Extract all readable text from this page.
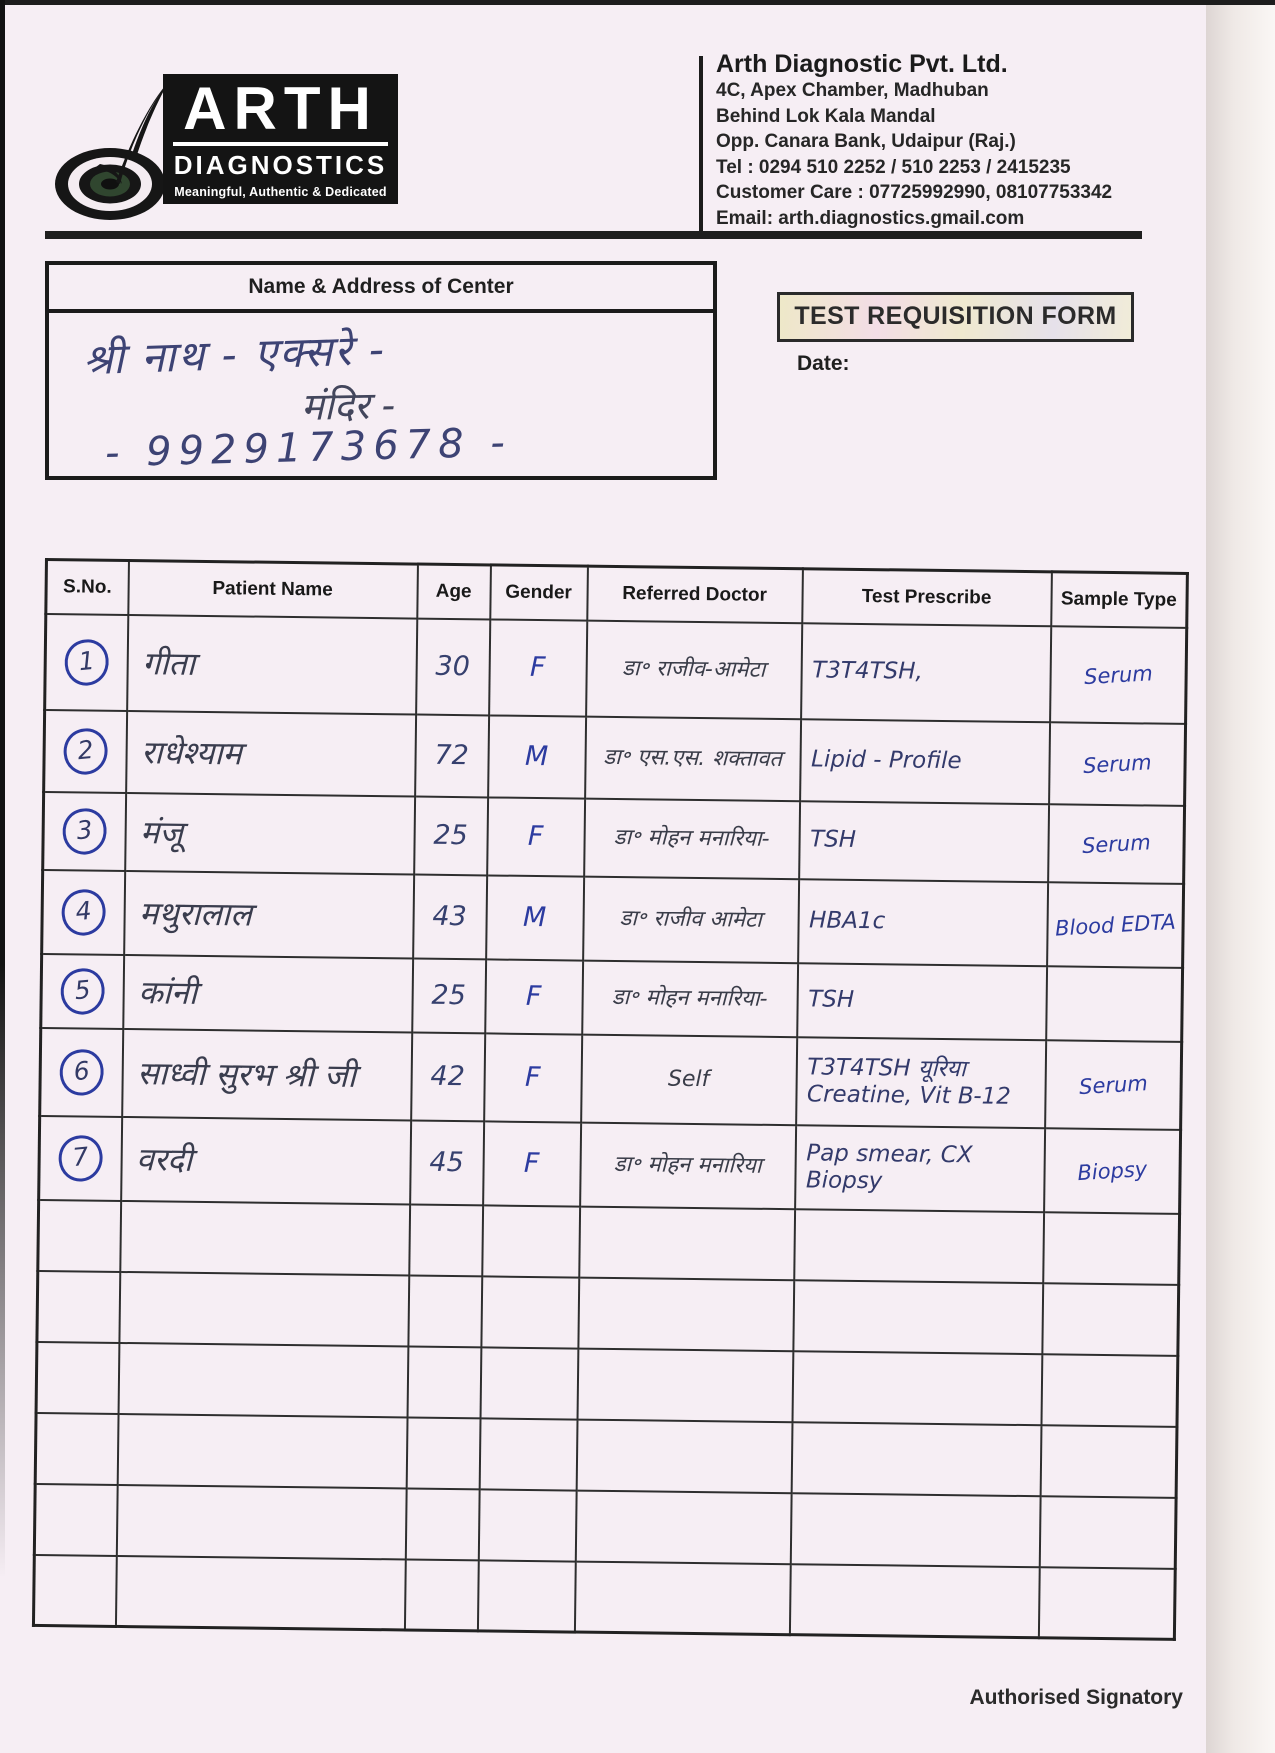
ARTH
DIAGNOSTICS
Meaningful, Authentic & Dedicated
Arth Diagnostic Pvt. Ltd.
4C, Apex Chamber, Madhuban
Behind Lok Kala Mandal
Opp. Canara Bank, Udaipur (Raj.)
Tel : 0294 510 2252 / 510 2253 / 2415235
Customer Care : 07725992990, 08107753342
Email: arth.diagnostics.gmail.com
Name & Address of Center
श्री नाथ - एक्सरे -
मंदिर -
- 9929173678 -
TEST REQUISITION FORM
Date:
S.No.	Patient Name	Age	Gender	Referred Doctor	Test Prescribe	Sample Type
1	गीता	30	F	डा॰ राजीव-आमेटा	T3T4TSH,	Serum
2	राधेश्याम	72	M	डा॰ एस.एस. शक्तावत	Lipid - Profile	Serum
3	मंजू	25	F	डा॰ मोहन मनारिया-	TSH	Serum
4	मथुरालाल	43	M	डा॰ राजीव आमेटा	HBA1c	Blood EDTA
5	कांनी	25	F	डा॰ मोहन मनारिया-	TSH	
6	साध्वी सुरभ श्री जी	42	F	Self	T3T4TSH यूरिया Creatine, Vit B-12	Serum
7	वरदी	45	F	डा॰ मोहन मनारिया	Pap smear, CX Biopsy	Biopsy

Authorised Signatory
